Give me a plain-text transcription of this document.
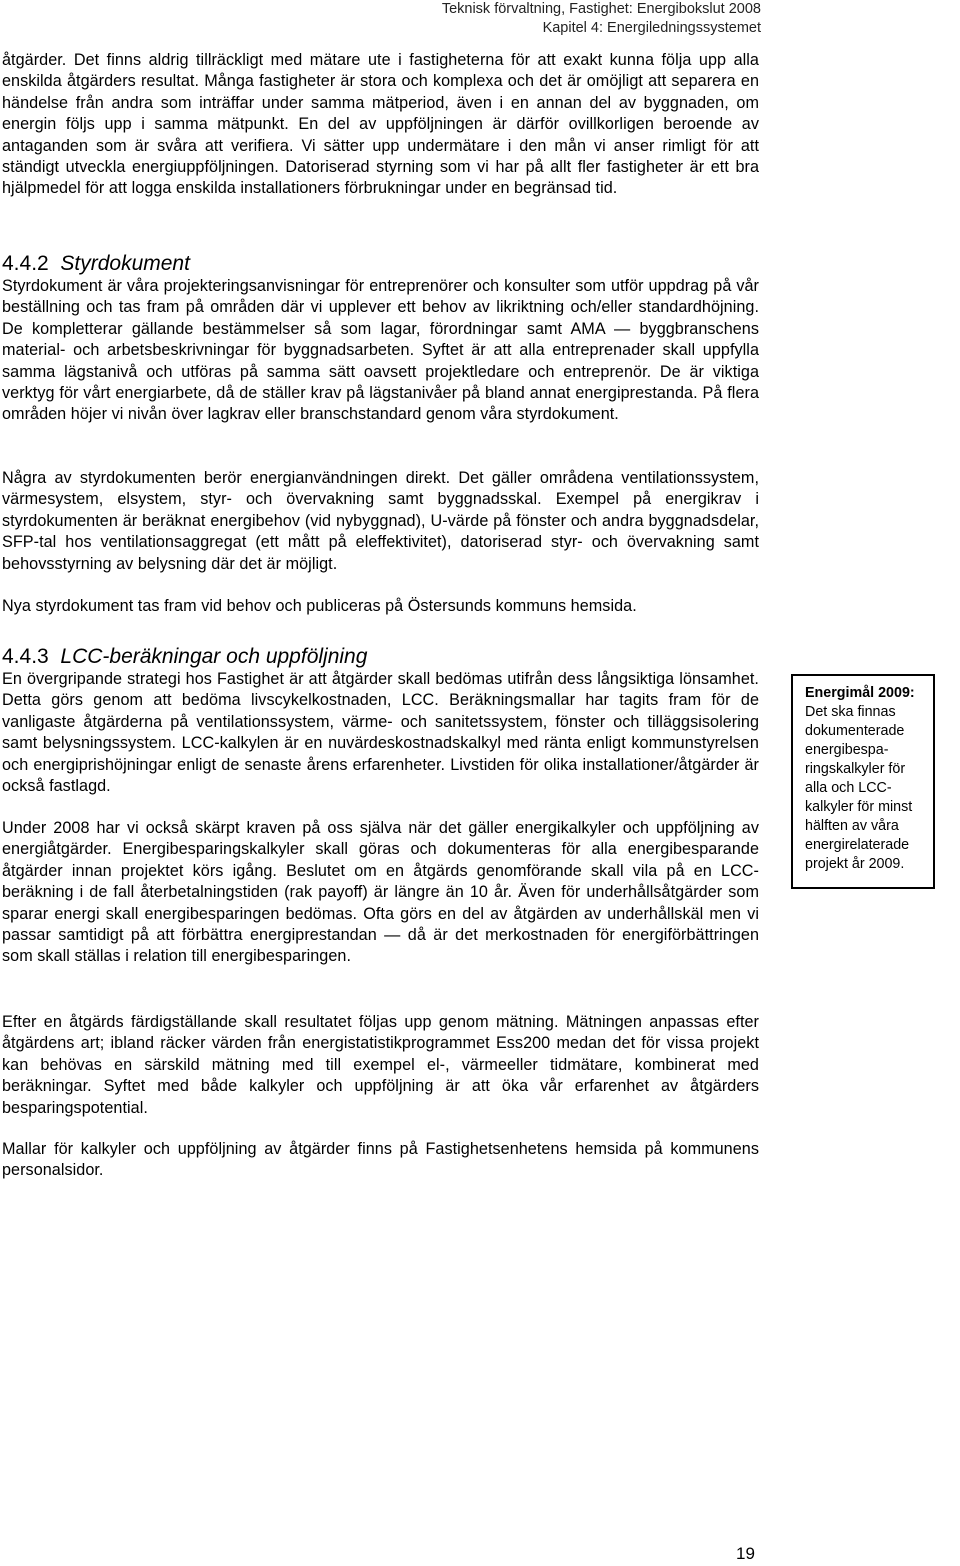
Teknisk förvaltning, Fastighet: Energibokslut 2008
Kapitel 4: Energiledningssystemet

åtgärder. Det finns aldrig tillräckligt med mätare ute i fastigheterna för att exakt kunna följa upp alla enskilda åtgärders resultat. Många fastigheter är stora och komplexa och det är omöjligt att separera en händelse från andra som inträffar under samma mätperiod, även i en annan del av byggnaden, om energin följs upp i samma mätpunkt. En del av uppföljningen är därför ovillkorligen beroende av antaganden som är svåra att verifiera. Vi sätter upp undermätare i den mån vi anser rimligt för att ständigt utveckla energiuppföljningen. Datoriserad styrning som vi har på allt fler fastigheter är ett bra hjälpmedel för att logga enskilda installationers förbrukningar under en begränsad tid.

4.4.2 Styrdokument

Styrdokument är våra projekteringsanvisningar för entreprenörer och konsulter som utför uppdrag på vår beställning och tas fram på områden där vi upplever ett behov av likriktning och/eller standardhöjning. De kompletterar gällande bestämmelser så som lagar, förordningar samt AMA — byggbranschens material- och arbetsbeskrivningar för byggnadsarbeten. Syftet är att alla entreprenader skall uppfylla samma lägstanivå och utföras på samma sätt oavsett projektledare och entreprenör. De är viktiga verktyg för vårt energiarbete, då de ställer krav på lägstanivåer på bland annat energiprestanda. På flera områden höjer vi nivån över lagkrav eller branschstandard genom våra styrdokument.

Några av styrdokumenten berör energianvändningen direkt. Det gäller områdena ventilationssystem, värmesystem, elsystem, styr- och övervakning samt byggnadsskal. Exempel på energikrav i styrdokumenten är beräknat energibehov (vid nybyggnad), U-värde på fönster och andra byggnadsdelar, SFP-tal hos ventilationsaggregat (ett mått på eleffektivitet), datoriserad styr- och övervakning samt behovsstyrning av belysning där det är möjligt.

Nya styrdokument tas fram vid behov och publiceras på Östersunds kommuns hemsida.

4.4.3 LCC-beräkningar och uppföljning

En övergripande strategi hos Fastighet är att åtgärder skall bedömas utifrån dess långsiktiga lönsamhet. Detta görs genom att bedöma livscykelkostnaden, LCC. Beräkningsmallar har tagits fram för de vanligaste åtgärderna på ventilationssystem, värme- och sanitetssystem, fönster och tilläggsisolering samt belysningssystem. LCC-kalkylen är en nuvärdeskostnadskalkyl med ränta enligt kommunstyrelsen och energiprishöjningar enligt de senaste årens erfarenheter. Livstiden för olika installationer/åtgärder är också fastlagd.

Under 2008 har vi också skärpt kraven på oss själva när det gäller energikalkyler och uppföljning av energiåtgärder. Energibesparingskalkyler skall göras och dokumenteras för alla energibesparande åtgärder innan projektet körs igång. Beslutet om en åtgärds genomförande skall vila på en LCC-beräkning i de fall återbetalningstiden (rak payoff) är längre än 10 år. Även för underhållsåtgärder som sparar energi skall energibesparingen bedömas. Ofta görs en del av åtgärden av underhållskäl men vi passar samtidigt på att förbättra energiprestandan — då är det merkostnaden för energiförbättringen som skall ställas i relation till energibesparingen.

Efter en åtgärds färdigställande skall resultatet följas upp genom mätning. Mätningen anpassas efter åtgärdens art; ibland räcker värden från energistatistikprogrammet Ess200 medan det för vissa projekt kan behövas en särskild mätning med till exempel el-, värmeeller tidmätare, kombinerat med beräkningar. Syftet med både kalkyler och uppföljning är att öka vår erfarenhet av åtgärders besparingspotential.

Mallar för kalkyler och uppföljning av åtgärder finns på Fastighetsenhetens hemsida på kommunens personalsidor.

Energimål 2009:
Det ska finnas dokumenterade energibesparingskalkyler för alla och LCC-kalkyler för minst hälften av våra energirelaterade projekt år 2009.
19
